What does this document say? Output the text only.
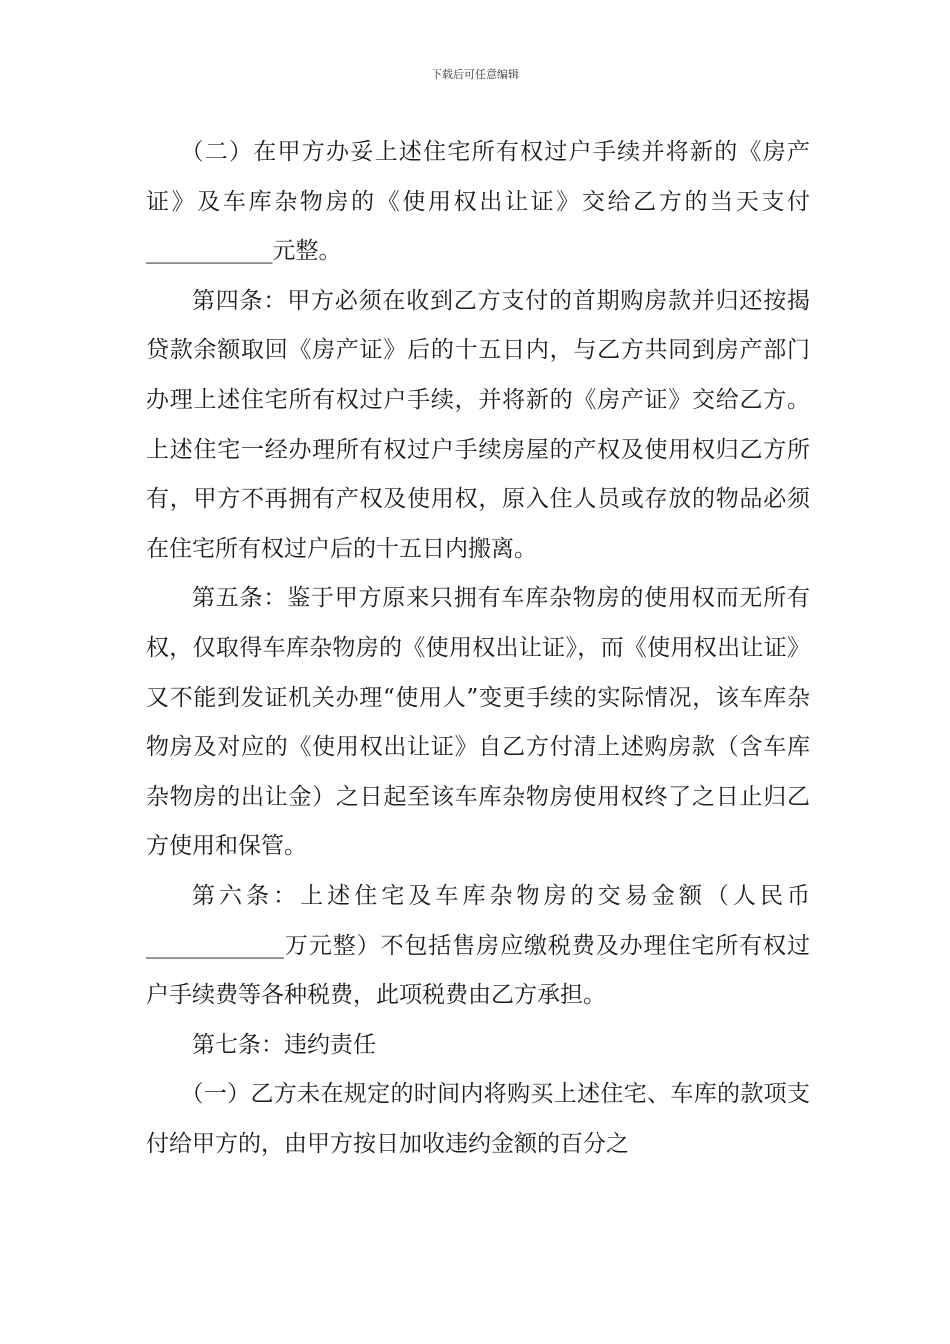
下载后可任意编辑

（二）在甲方办妥上述住宅所有权过户手续并将新的《房产证》及车库杂物房的《使用权出让证》交给乙方的当天支付___________元整。

第四条：甲方必须在收到乙方支付的首期购房款并归还按揭贷款余额取回《房产证》后的十五日内，与乙方共同到房产部门办理上述住宅所有权过户手续，并将新的《房产证》交给乙方。上述住宅一经办理所有权过户手续房屋的产权及使用权归乙方所有，甲方不再拥有产权及使用权，原入住人员或存放的物品必须在住宅所有权过户后的十五日内搬离。

第五条：鉴于甲方原来只拥有车库杂物房的使用权而无所有权，仅取得车库杂物房的《使用权出让证》，而《使用权出让证》又不能到发证机关办理“使用人”变更手续的实际情况，该车库杂物房及对应的《使用权出让证》自乙方付清上述购房款（含车库杂物房的出让金）之日起至该车库杂物房使用权终了之日止归乙方使用和保管。

第六条：上述住宅及车库杂物房的交易金额（人民币____________万元整）不包括售房应缴税费及办理住宅所有权过户手续费等各种税费，此项税费由乙方承担。

第七条：违约责任

（一）乙方未在规定的时间内将购买上述住宅、车库的款项支付给甲方的，由甲方按日加收违约金额的百分之
